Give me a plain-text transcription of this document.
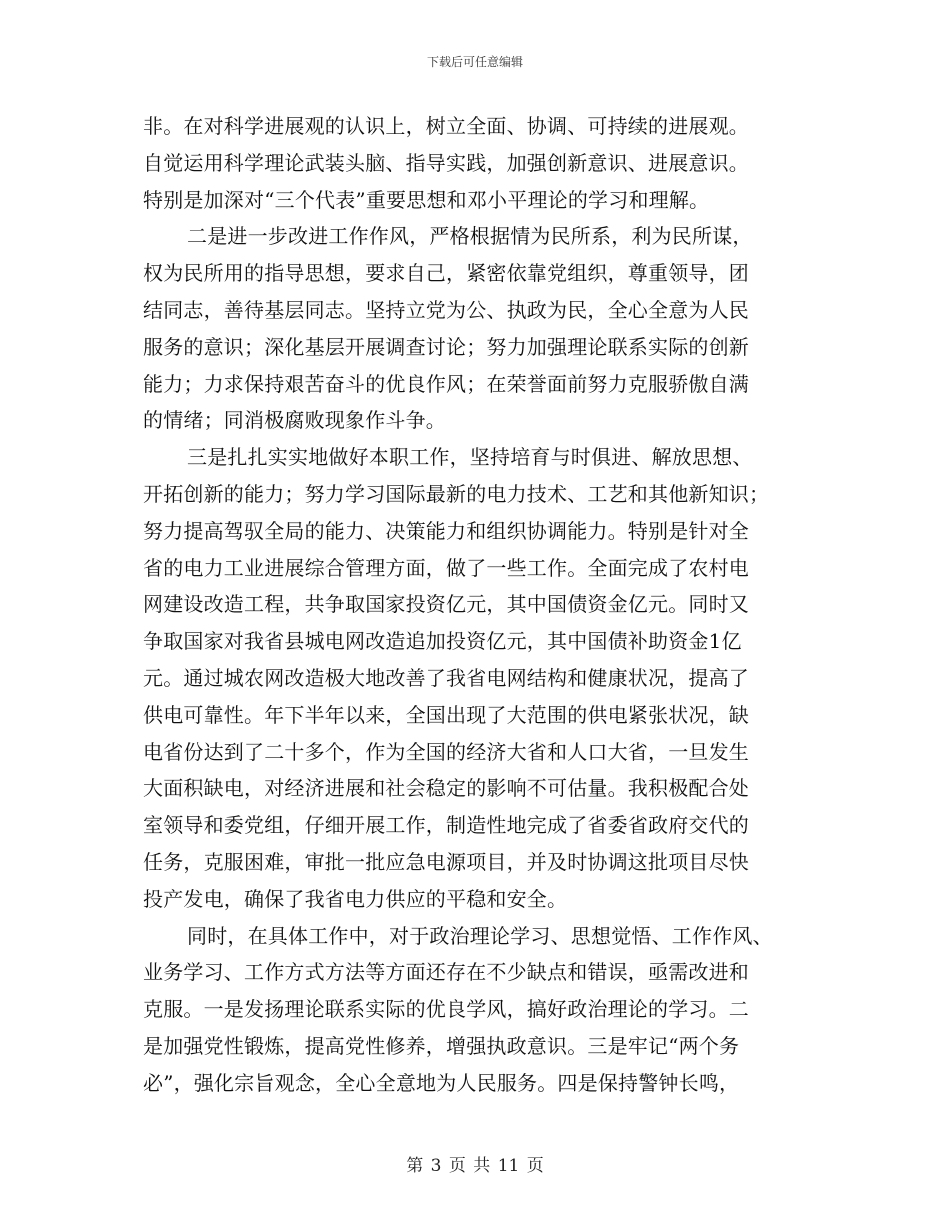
下载后可任意编辑
非。在对科学进展观的认识上，树立全面、协调、可持续的进展观。
自觉运用科学理论武装头脑、指导实践，加强创新意识、进展意识。
特别是加深对“三个代表”重要思想和邓小平理论的学习和理解。
二是进一步改进工作作风，严格根据情为民所系，利为民所谋，
权为民所用的指导思想，要求自己，紧密依靠党组织，尊重领导，团
结同志，善待基层同志。坚持立党为公、执政为民，全心全意为人民
服务的意识；深化基层开展调查讨论；努力加强理论联系实际的创新
能力；力求保持艰苦奋斗的优良作风；在荣誉面前努力克服骄傲自满
的情绪；同消极腐败现象作斗争。
三是扎扎实实地做好本职工作，坚持培育与时俱进、解放思想、
开拓创新的能力；努力学习国际最新的电力技术、工艺和其他新知识；
努力提高驾驭全局的能力、决策能力和组织协调能力。特别是针对全
省的电力工业进展综合管理方面，做了一些工作。全面完成了农村电
网建设改造工程，共争取国家投资亿元，其中国债资金亿元。同时又
争取国家对我省县城电网改造追加投资亿元，其中国债补助资金1亿
元。通过城农网改造极大地改善了我省电网结构和健康状况，提高了
供电可靠性。年下半年以来，全国出现了大范围的供电紧张状况，缺
电省份达到了二十多个，作为全国的经济大省和人口大省，一旦发生
大面积缺电，对经济进展和社会稳定的影响不可估量。我积极配合处
室领导和委党组，仔细开展工作，制造性地完成了省委省政府交代的
任务，克服困难，审批一批应急电源项目，并及时协调这批项目尽快
投产发电，确保了我省电力供应的平稳和安全。
同时，在具体工作中，对于政治理论学习、思想觉悟、工作作风、
业务学习、工作方式方法等方面还存在不少缺点和错误，亟需改进和
克服。一是发扬理论联系实际的优良学风，搞好政治理论的学习。二
是加强党性锻炼，提高党性修养，增强执政意识。三是牢记“两个务
必”，强化宗旨观念，全心全意地为人民服务。四是保持警钟长鸣，
第 3 页 共 11 页
